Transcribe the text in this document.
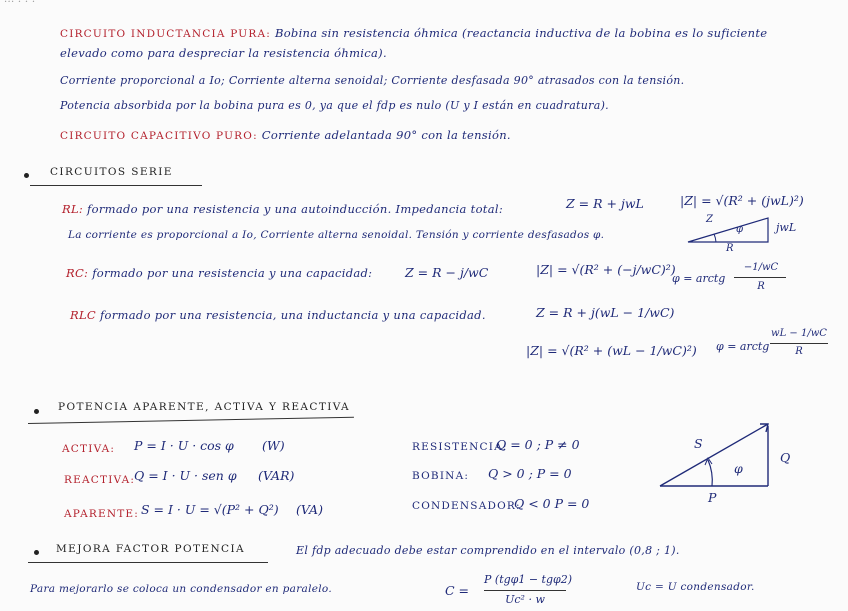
CIRCUITO INDUCTANCIA PURA: Bobina sin resistencia óhmica (reactancia inductiva de la bobina es lo suficiente
elevado como para despreciar la resistencia óhmica).
Corriente proporcional a Io; Corriente alterna senoidal; Corriente desfasada 90° atrasados con la tensión.
Potencia absorbida por la bobina pura es 0, ya que el fdp es nulo (U y I están en cuadratura).
CIRCUITO CAPACITIVO PURO: Corriente adelantada 90° con la tensión.
CIRCUITOS SERIE
RL: formado por una resistencia y una autoinducción. Impedancia total:	Z = R + jwL	|Z| = √(R² + (jwL)²)
La corriente es proporcional a Io, Corriente alterna senoidal. Tensión y corriente desfasados φ.
Z
φ
R
jwL
RC: formado por una resistencia y una capacidad:	Z = R − j/wC	|Z| = √(R² + (−j/wC)²)
φ = arctg
−1/wC
R
RLC formado por una resistencia, una inductancia y una capacidad.	Z = R + j(wL − 1/wC)
|Z| = √(R² + (wL − 1/wC)²) φ = arctg
wL − 1/wC
R
POTENCIA APARENTE, ACTIVA Y REACTIVA
ACTIVA: P = I · U · cos φ (W)
REACTIVA:
Q = I · U · sen φ (VAR)
APARENTE: S = I · U = √(P² + Q²) (VA)
RESISTENCIA:
Q = 0 ; P ≠ 0
BOBINA: Q > 0 ; P = 0
CONDENSADOR:
Q < 0 P = 0
S
Q
P
φ
MEJORA FACTOR POTENCIA	El fdp adecuado debe estar comprendido en el intervalo (0,8 ; 1).
Para mejorarlo se coloca un condensador en paralelo.	C =
P (tgφ1 − tgφ2)
Uc² · w
Uc = U condensador.
